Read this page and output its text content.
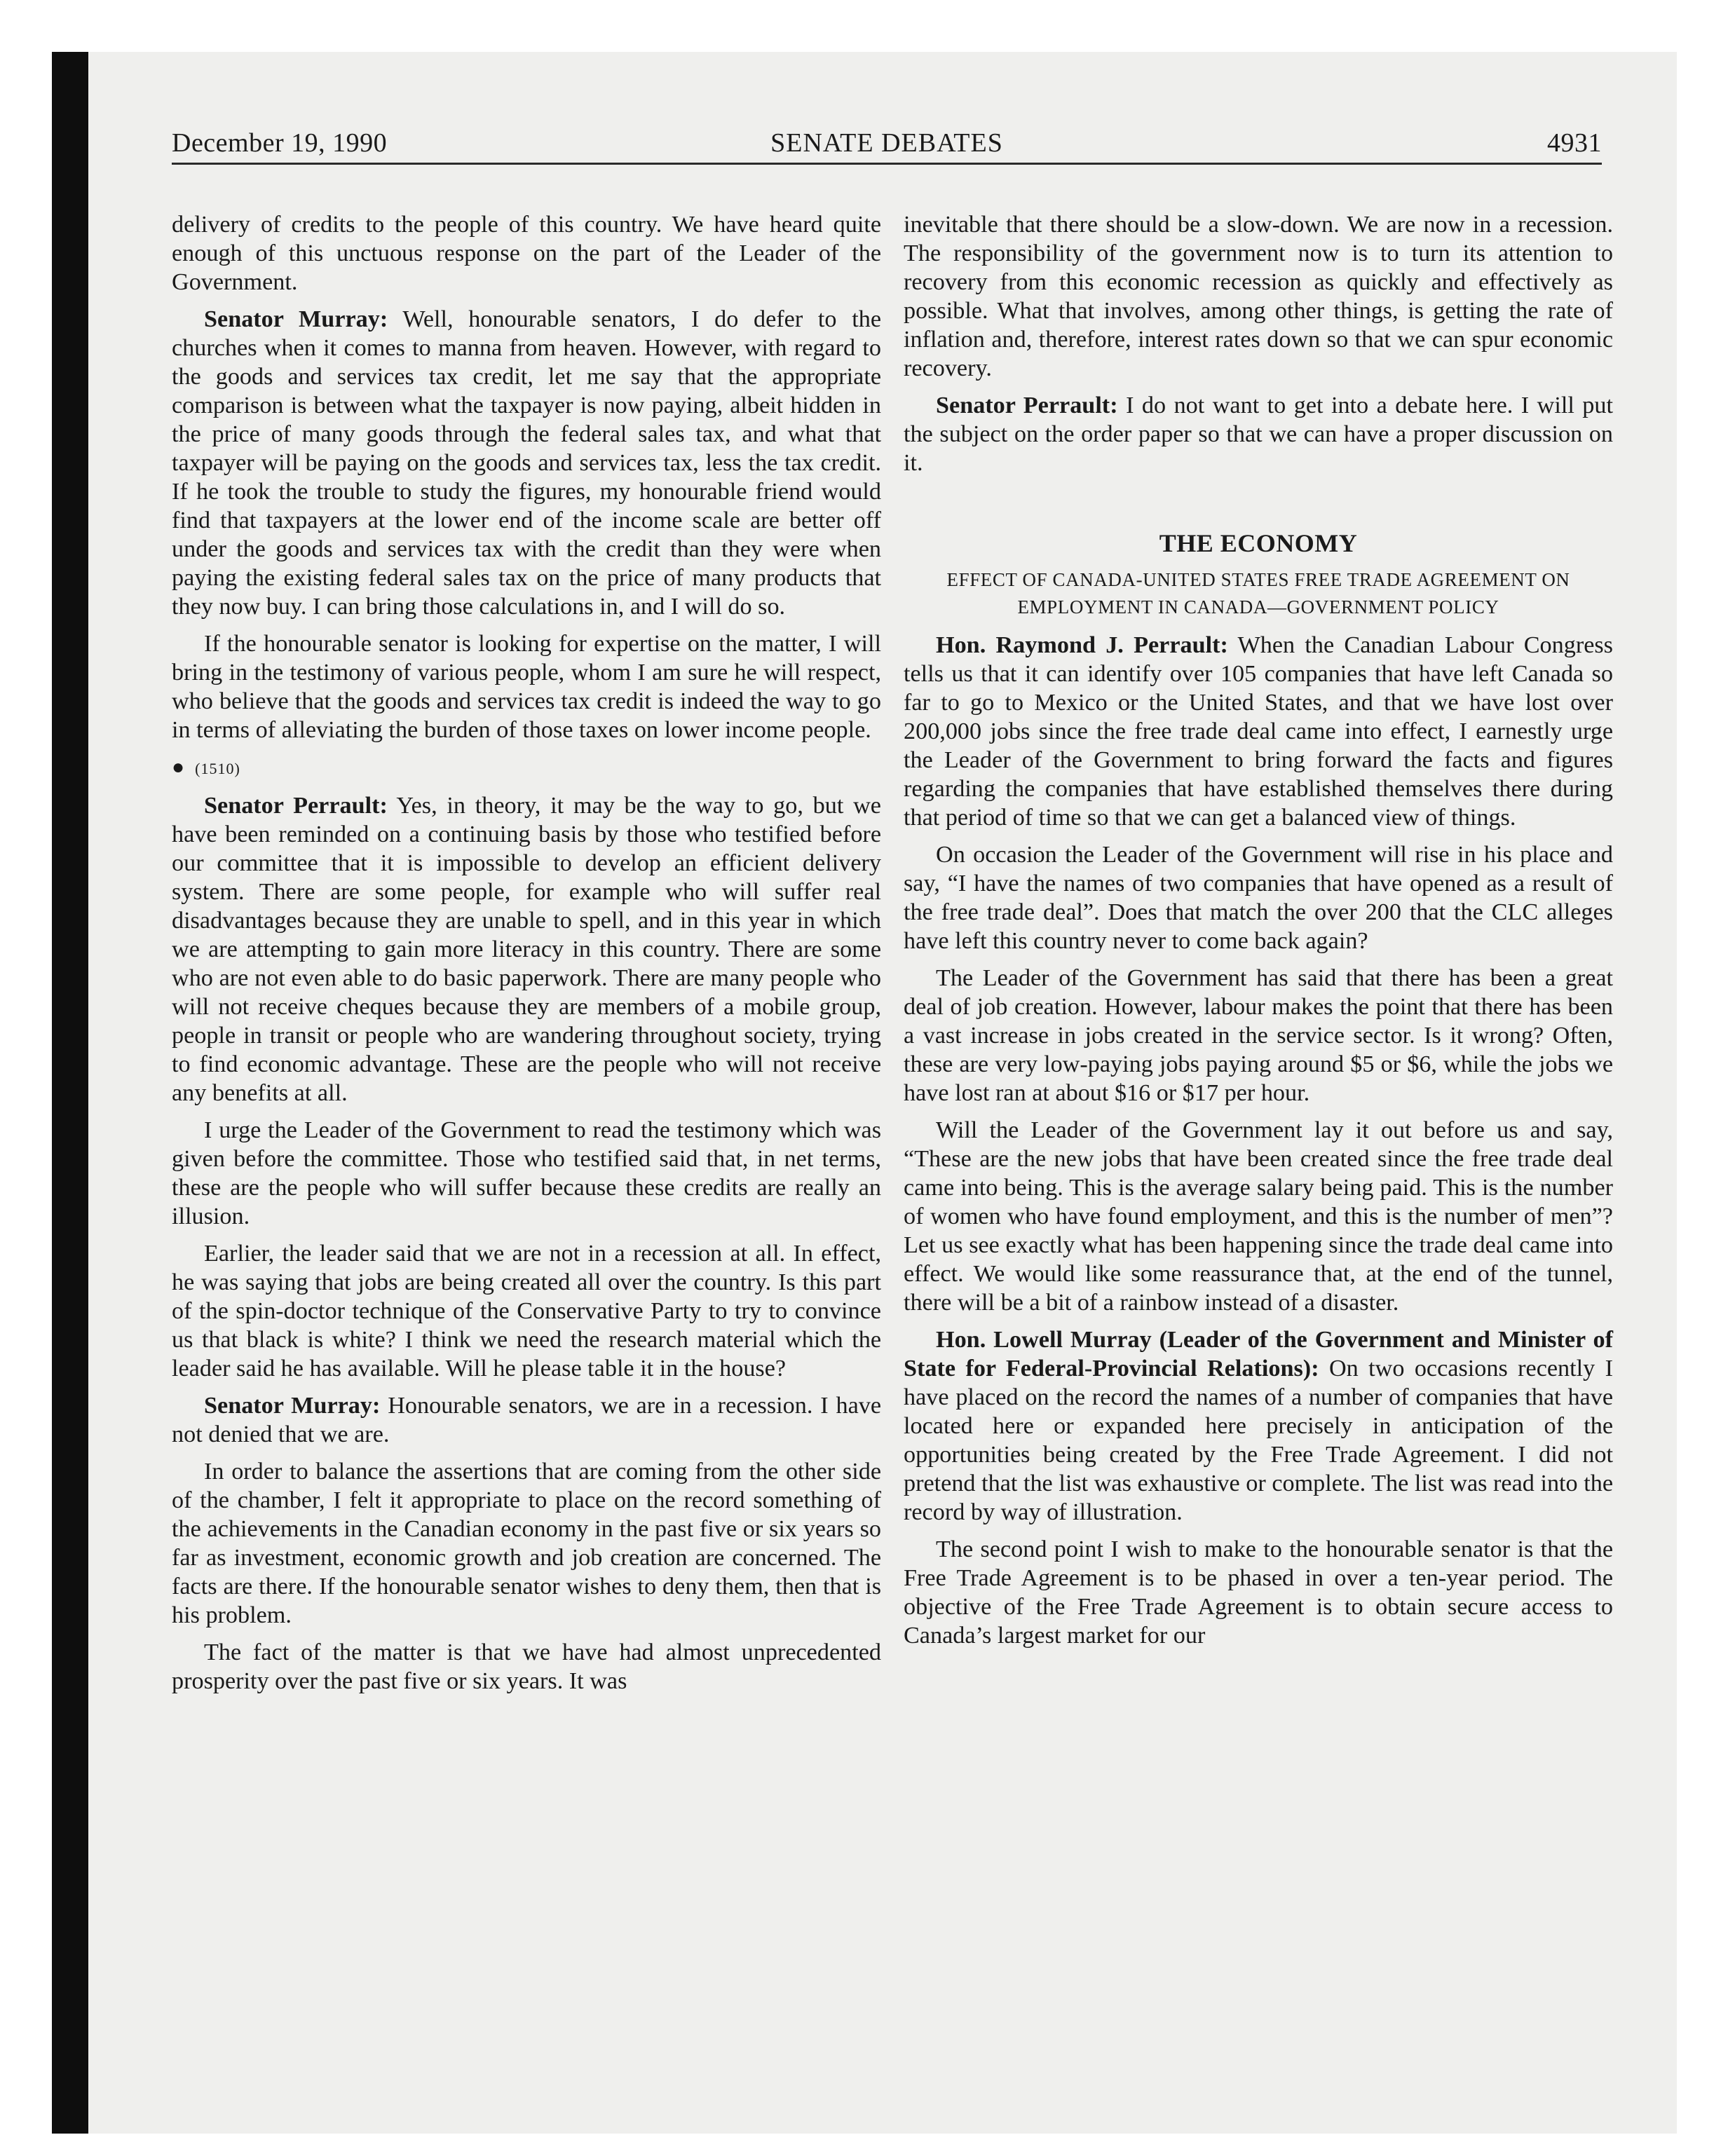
December 19, 1990	SENATE DEBATES	4931

delivery of credits to the people of this country. We have heard quite enough of this unctuous response on the part of the Leader of the Government.

Senator Murray: Well, honourable senators, I do defer to the churches when it comes to manna from heaven. However, with regard to the goods and services tax credit, let me say that the appropriate comparison is between what the taxpayer is now paying, albeit hidden in the price of many goods through the federal sales tax, and what that taxpayer will be paying on the goods and services tax, less the tax credit. If he took the trouble to study the figures, my honourable friend would find that taxpayers at the lower end of the income scale are better off under the goods and services tax with the credit than they were when paying the existing federal sales tax on the price of many products that they now buy. I can bring those calculations in, and I will do so.

If the honourable senator is looking for expertise on the matter, I will bring in the testimony of various people, whom I am sure he will respect, who believe that the goods and services tax credit is indeed the way to go in terms of alleviating the burden of those taxes on lower income people.

● (1510)

Senator Perrault: Yes, in theory, it may be the way to go, but we have been reminded on a continuing basis by those who testified before our committee that it is impossible to develop an efficient delivery system. There are some people, for example who will suffer real disadvantages because they are unable to spell, and in this year in which we are attempting to gain more literacy in this country. There are some who are not even able to do basic paperwork. There are many people who will not receive cheques because they are members of a mobile group, people in transit or people who are wandering throughout society, trying to find economic advantage. These are the people who will not receive any benefits at all.

I urge the Leader of the Government to read the testimony which was given before the committee. Those who testified said that, in net terms, these are the people who will suffer because these credits are really an illusion.

Earlier, the leader said that we are not in a recession at all. In effect, he was saying that jobs are being created all over the country. Is this part of the spin-doctor technique of the Conservative Party to try to convince us that black is white? I think we need the research material which the leader said he has available. Will he please table it in the house?

Senator Murray: Honourable senators, we are in a recession. I have not denied that we are.

In order to balance the assertions that are coming from the other side of the chamber, I felt it appropriate to place on the record something of the achievements in the Canadian economy in the past five or six years so far as investment, economic growth and job creation are concerned. The facts are there. If the honourable senator wishes to deny them, then that is his problem.

The fact of the matter is that we have had almost unprecedented prosperity over the past five or six years. It was

inevitable that there should be a slow-down. We are now in a recession. The responsibility of the government now is to turn its attention to recovery from this economic recession as quickly and effectively as possible. What that involves, among other things, is getting the rate of inflation and, therefore, interest rates down so that we can spur economic recovery.

Senator Perrault: I do not want to get into a debate here. I will put the subject on the order paper so that we can have a proper discussion on it.

THE ECONOMY
EFFECT OF CANADA-UNITED STATES FREE TRADE AGREEMENT ON EMPLOYMENT IN CANADA—GOVERNMENT POLICY

Hon. Raymond J. Perrault: When the Canadian Labour Congress tells us that it can identify over 105 companies that have left Canada so far to go to Mexico or the United States, and that we have lost over 200,000 jobs since the free trade deal came into effect, I earnestly urge the Leader of the Government to bring forward the facts and figures regarding the companies that have established themselves there during that period of time so that we can get a balanced view of things.

On occasion the Leader of the Government will rise in his place and say, “I have the names of two companies that have opened as a result of the free trade deal”. Does that match the over 200 that the CLC alleges have left this country never to come back again?

The Leader of the Government has said that there has been a great deal of job creation. However, labour makes the point that there has been a vast increase in jobs created in the service sector. Is it wrong? Often, these are very low-paying jobs paying around $5 or $6, while the jobs we have lost ran at about $16 or $17 per hour.

Will the Leader of the Government lay it out before us and say, “These are the new jobs that have been created since the free trade deal came into being. This is the average salary being paid. This is the number of women who have found employment, and this is the number of men”? Let us see exactly what has been happening since the trade deal came into effect. We would like some reassurance that, at the end of the tunnel, there will be a bit of a rainbow instead of a disaster.

Hon. Lowell Murray (Leader of the Government and Minister of State for Federal-Provincial Relations): On two occasions recently I have placed on the record the names of a number of companies that have located here or expanded here precisely in anticipation of the opportunities being created by the Free Trade Agreement. I did not pretend that the list was exhaustive or complete. The list was read into the record by way of illustration.

The second point I wish to make to the honourable senator is that the Free Trade Agreement is to be phased in over a ten-year period. The objective of the Free Trade Agreement is to obtain secure access to Canada’s largest market for our
